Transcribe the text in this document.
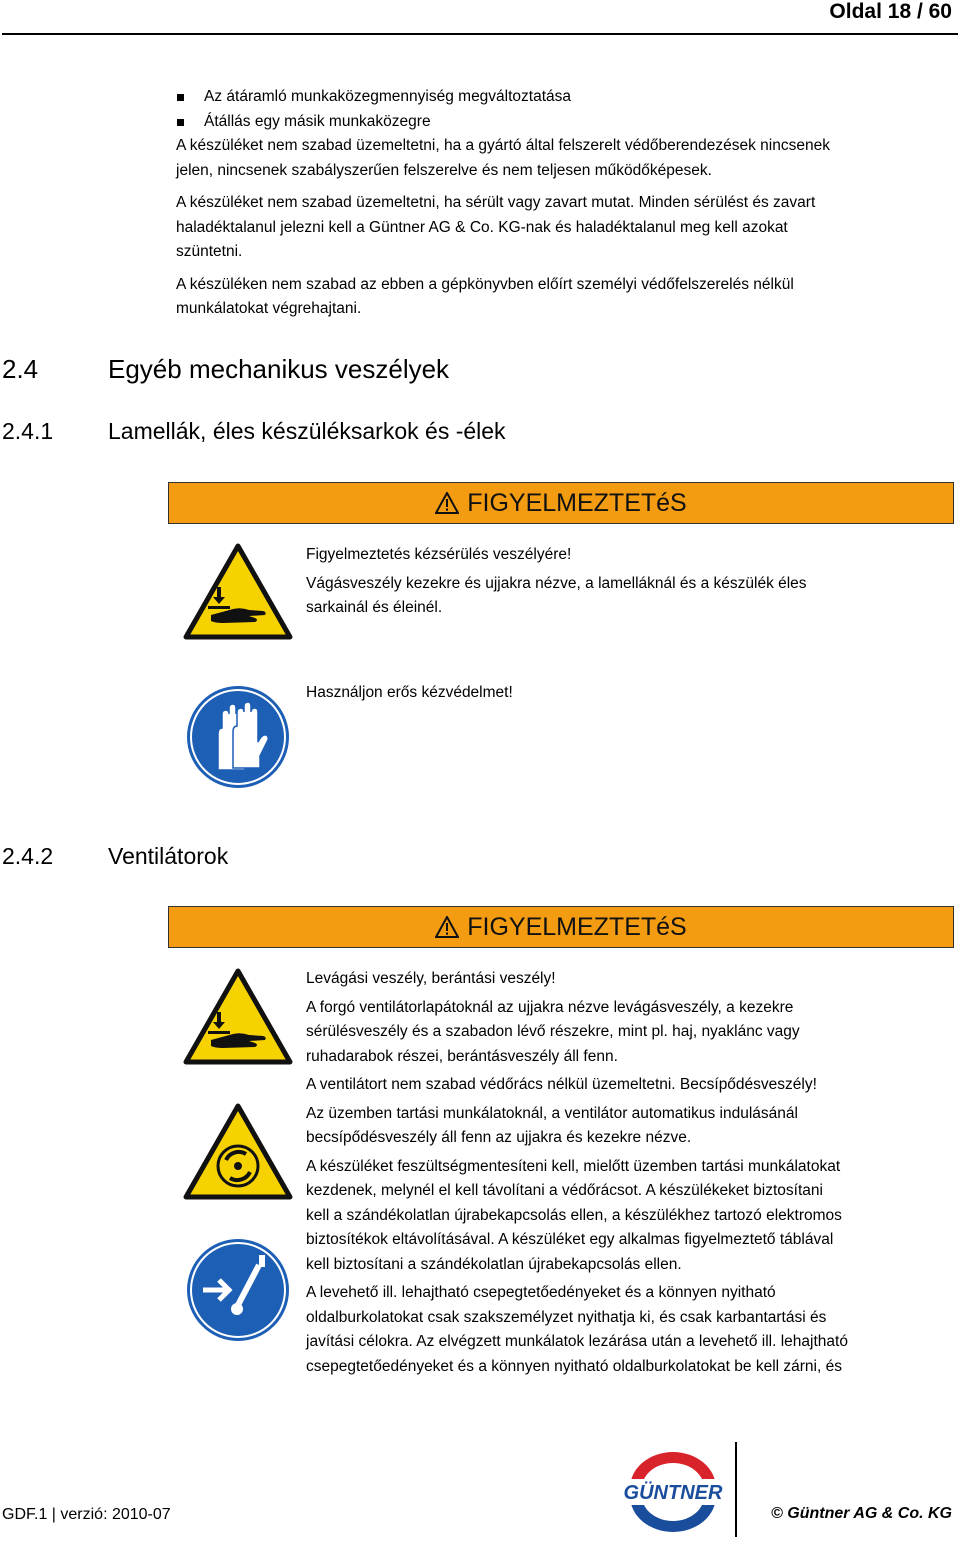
Oldal 18 / 60
Az átáramló munkaközegmennyiség megváltoztatása
Átállás egy másik munkaközegre

A készüléket nem szabad üzemeltetni, ha a gyártó által felszerelt védőberendezések nincsenek

jelen, nincsenek szabályszerűen felszerelve és nem teljesen működőképesek.

A készüléket nem szabad üzemeltetni, ha sérült vagy zavart mutat. Minden sérülést és zavart

haladéktalanul jelezni kell a Güntner AG & Co. KG-nak és haladéktalanul meg kell azokat

szüntetni.

A készüléken nem szabad az ebben a gépkönyvben előírt személyi védőfelszerelés nélkül

munkálatokat végrehajtani.

2.4	Egyéb mechanikus veszélyek
2.4.1 Lamellák, éles készüléksarkok és -élek
FIGYELMEZTETéS

Figyelmeztetés kézsérülés veszélyére!

Vágásveszély kezekre és ujjakra nézve, a lamelláknál és a készülék éles

sarkainál és éleinél.

Használjon erős kézvédelmet!

2.4.2 Ventilátorok
FIGYELMEZTETéS

Levágási veszély, berántási veszély!

A forgó ventilátorlapátoknál az ujjakra nézve levágásveszély, a kezekre

sérülésveszély és a szabadon lévő részekre, mint pl. haj, nyaklánc vagy

ruhadarabok részei, berántásveszély áll fenn.

A ventilátort nem szabad védőrács nélkül üzemeltetni. Becsípődésveszély!

Az üzemben tartási munkálatoknál, a ventilátor automatikus indulásánál

becsípődésveszély áll fenn az ujjakra és kezekre nézve.

A készüléket feszültségmentesíteni kell, mielőtt üzemben tartási munkálatokat

kezdenek, melynél el kell távolítani a védőrácsot. A készülékeket biztosítani

kell a szándékolatlan újrabekapcsolás ellen, a készülékhez tartozó elektromos

biztosítékok eltávolításával. A készüléket egy alkalmas figyelmeztető táblával

kell biztosítani a szándékolatlan újrabekapcsolás ellen.

A levehető ill. lehajtható csepegtetőedényeket és a könnyen nyitható

oldalburkolatokat csak szakszemélyzet nyithatja ki, és csak karbantartási és

javítási célokra. Az elvégzett munkálatok lezárása után a levehető ill. lehajtható

csepegtetőedényeket és a könnyen nyitható oldalburkolatokat be kell zárni, és

GÜNTNER
GDF.1 | verzió: 2010-07	© Güntner AG & Co. KG
